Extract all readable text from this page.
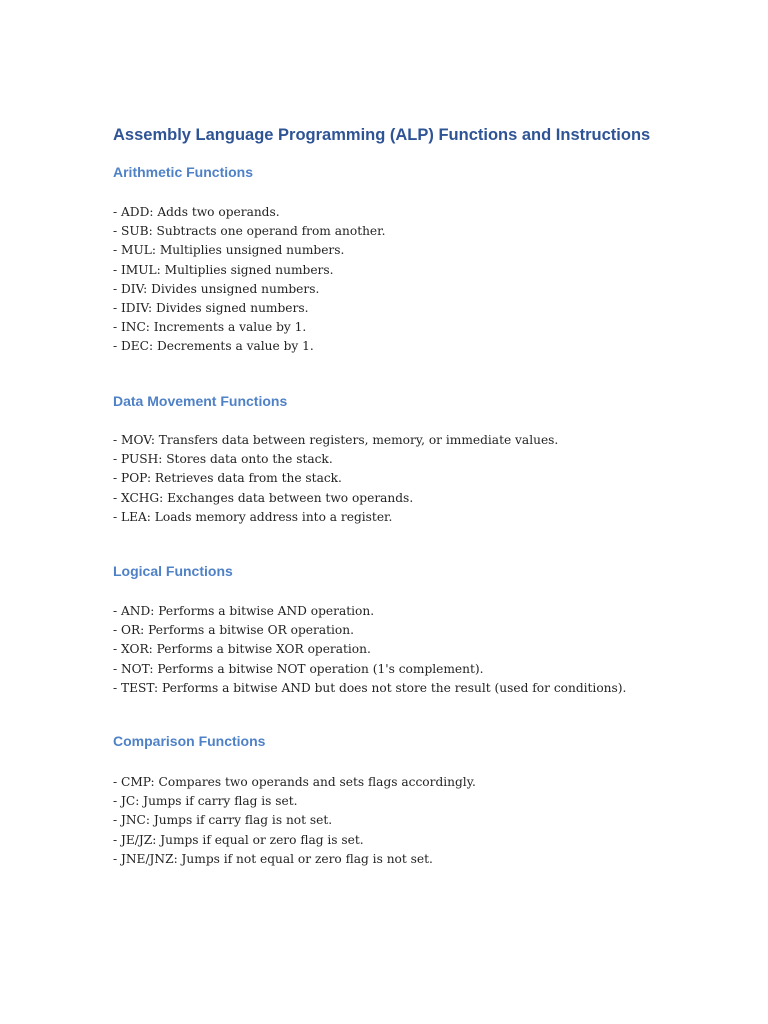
Assembly Language Programming (ALP) Functions and Instructions
Arithmetic Functions
- ADD: Adds two operands.
- SUB: Subtracts one operand from another.
- MUL: Multiplies unsigned numbers.
- IMUL: Multiplies signed numbers.
- DIV: Divides unsigned numbers.
- IDIV: Divides signed numbers.
- INC: Increments a value by 1.
- DEC: Decrements a value by 1.
Data Movement Functions
- MOV: Transfers data between registers, memory, or immediate values.
- PUSH: Stores data onto the stack.
- POP: Retrieves data from the stack.
- XCHG: Exchanges data between two operands.
- LEA: Loads memory address into a register.
Logical Functions
- AND: Performs a bitwise AND operation.
- OR: Performs a bitwise OR operation.
- XOR: Performs a bitwise XOR operation.
- NOT: Performs a bitwise NOT operation (1's complement).
- TEST: Performs a bitwise AND but does not store the result (used for conditions).
Comparison Functions
- CMP: Compares two operands and sets flags accordingly.
- JC: Jumps if carry flag is set.
- JNC: Jumps if carry flag is not set.
- JE/JZ: Jumps if equal or zero flag is set.
- JNE/JNZ: Jumps if not equal or zero flag is not set.
